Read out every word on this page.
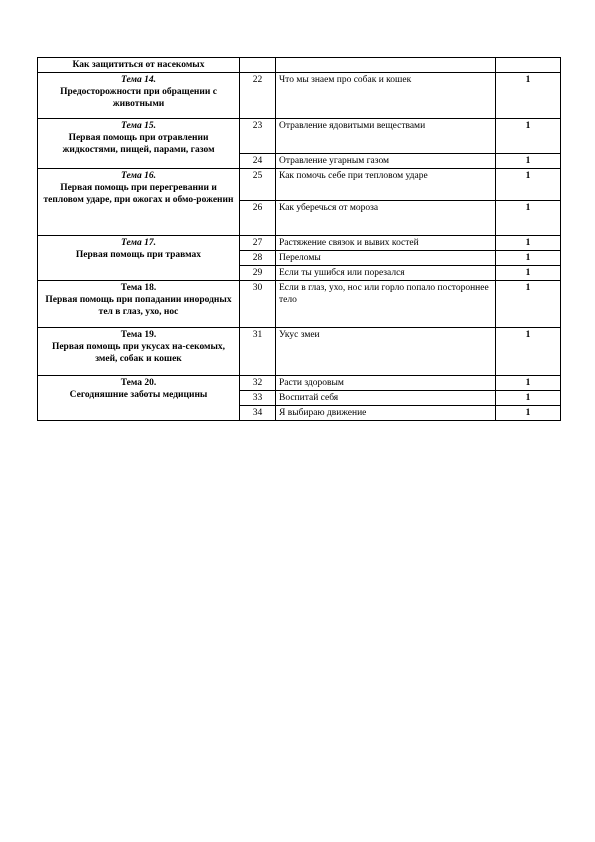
Как защититься от насекомых			

Тема 14.
Предосторожности при обращении с животными	22	Что мы знаем про собак и кошек	1

Тема 15.
Первая помощь при отравлении жидкостями, пищей, парами, газом	23	Отравление ядовитыми веществами	1
	24	Отравление угарным газом	1

Тема 16.
Первая помощь при перегревании и тепловом ударе, при ожогах и обмо-роженин	25	Как помочь себе при тепловом ударе	1
	26	Как уберечься от мороза	1

Тема 17.
Первая помощь при травмах	27	Растяжение связок и вывих костей	1
	28	Переломы	1
	29	Если ты ушибся или порезался	1

Тема 18.
Первая помощь при попадании инородных тел в глаз, ухо, нос	30	Если в глаз, ухо, нос или горло попало постороннее тело	1

Тема 19.
Первая помощь при укусах на-секомых, змей, собак и кошек	31	Укус змеи	1

Тема 20.
Сегодняшние заботы медицины	32	Расти здоровым	1
	33	Воспитай себя	1
	34	Я выбираю движение	1
